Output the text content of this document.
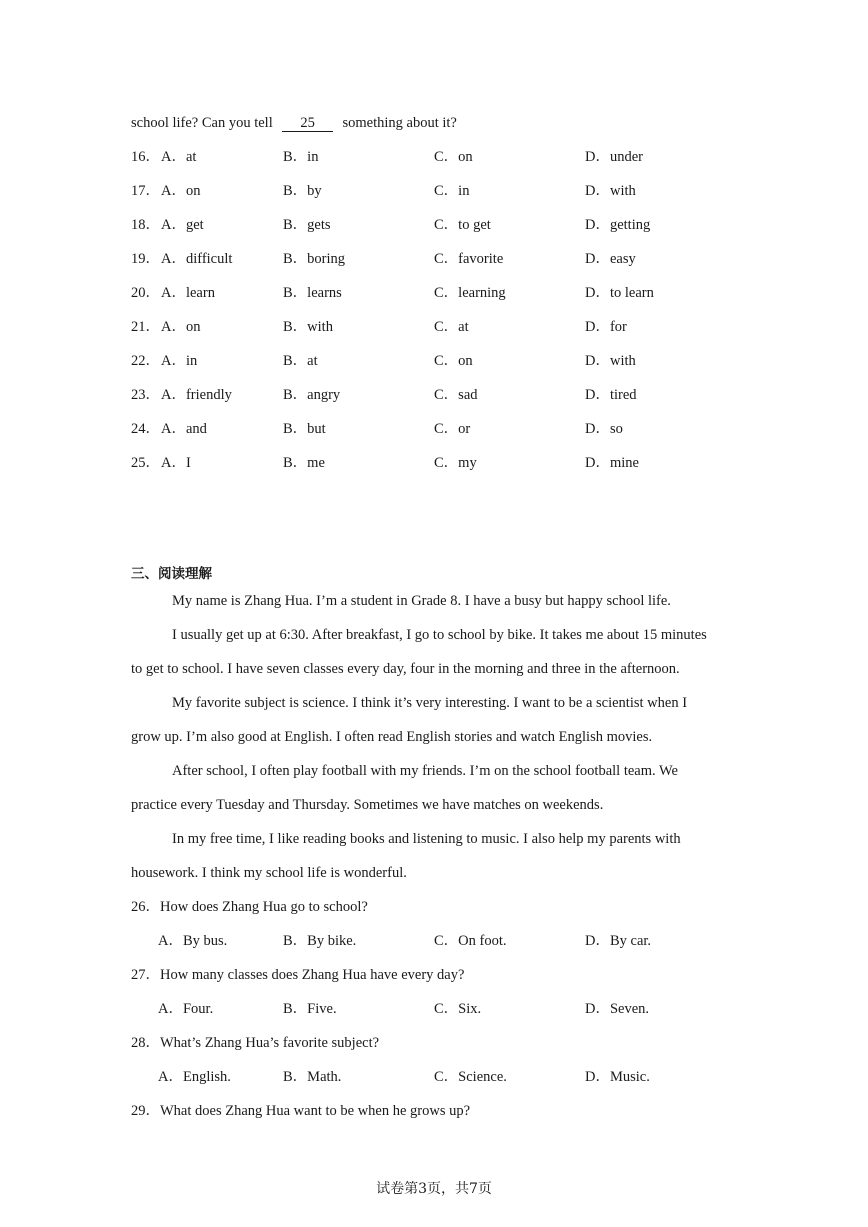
school life? Can you tell 25 something about it?
16． A．at	B．in	C．on	D．under
17． A．on	B．by	C．in	D．with
18． A．get	B．gets	C．to get	D．getting
19． A．difficult	B．boring	C．favorite	D．easy
20． A．learn	B．learns	C．learning	D．to learn
21． A．on	B．with	C．at	D．for
22． A．in	B．at	C．on	D．with
23． A．friendly	B．angry	C．sad	D．tired
24． A．and	B．but	C．or	D．so
25． A．I	B．me	C．my	D．mine
三、阅读理解
My name is Zhang Hua. I’m a student in Grade 8. I have a busy but happy school life.
I usually get up at 6:30. After breakfast, I go to school by bike. It takes me about 15 minutes
to get to school. I have seven classes every day, four in the morning and three in the afternoon.
My favorite subject is science. I think it’s very interesting. I want to be a scientist when I
grow up. I’m also good at English. I often read English stories and watch English movies.
After school, I often play football with my friends. I’m on the school football team. We
practice every Tuesday and Thursday. Sometimes we have matches on weekends.
In my free time, I like reading books and listening to music. I also help my parents with
housework. I think my school life is wonderful.
26．How does Zhang Hua go to school?
A．By bus.	B．By bike.	C．On foot.	D．By car.
27．How many classes does Zhang Hua have every day?
A．Four.	B．Five.	C．Six.	D．Seven.
28．What’s Zhang Hua’s favorite subject?
A．English.	B．Math.	C．Science.	D．Music.
29．What does Zhang Hua want to be when he grows up?
试卷第3页，共7页
